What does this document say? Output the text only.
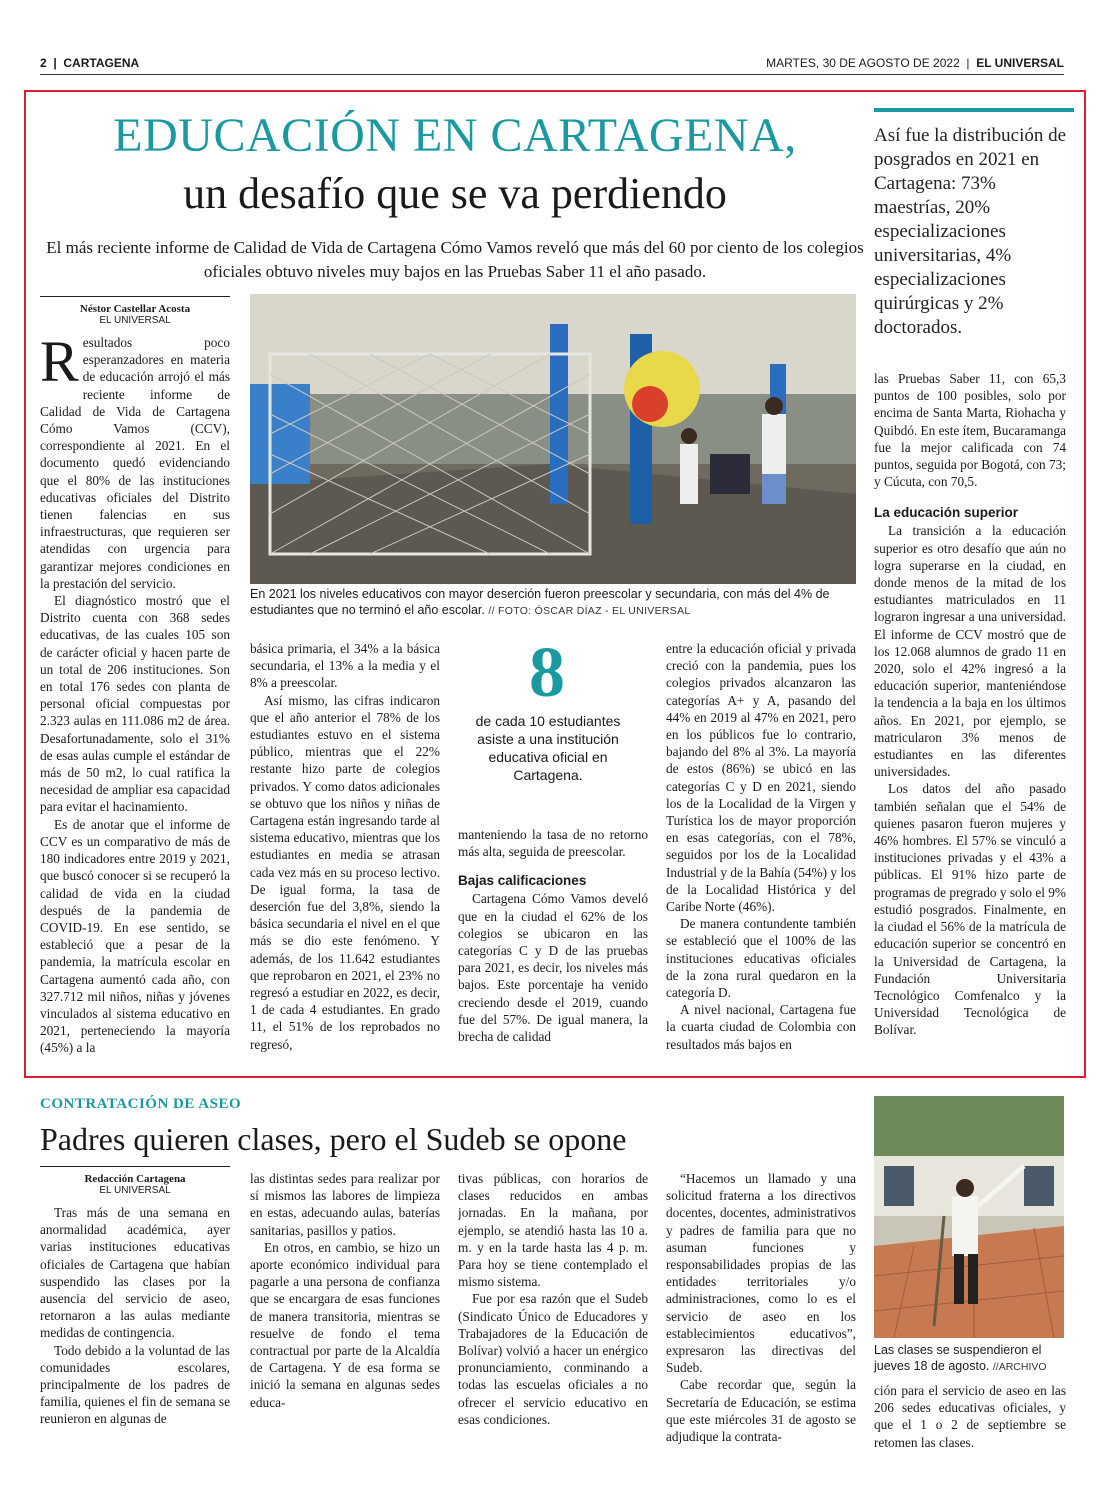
2  |  CARTAGENA	MARTES, 30 DE AGOSTO DE 2022  |  EL UNIVERSAL
EDUCACIÓN EN CARTAGENA,
un desafío que se va perdiendo
El más reciente informe de Calidad de Vida de Cartagena Cómo Vamos reveló que más del 60 por ciento de los colegios oficiales obtuvo niveles muy bajos en las Pruebas Saber 11 el año pasado.
Así fue la distribución de posgrados en 2021 en Cartagena: 73% maestrías, 20% especializaciones universitarias, 4% especializaciones quirúrgicas y 2% doctorados.
Néstor Castellar Acosta
EL UNIVERSAL

Resultados poco esperanzadores en materia de educación arrojó el más reciente informe de Calidad de Vida de Cartagena Cómo Vamos (CCV), correspondiente al 2021. En el documento quedó evidenciando que el 80% de las instituciones educativas oficiales del Distrito tienen falencias en sus infraestructuras, que requieren ser atendidas con urgencia para garantizar mejores condiciones en la prestación del servicio.

El diagnóstico mostró que el Distrito cuenta con 368 sedes educativas, de las cuales 105 son de carácter oficial y hacen parte de un total de 206 instituciones. Son en total 176 sedes con planta de personal oficial compuestas por 2.323 aulas en 111.086 m2 de área. Desafortunadamente, solo el 31% de esas aulas cumple el estándar de más de 50 m2, lo cual ratifica la necesidad de ampliar esa capacidad para evitar el hacinamiento.

Es de anotar que el informe de CCV es un comparativo de más de 180 indicadores entre 2019 y 2021, que buscó conocer si se recuperó la calidad de vida en la ciudad después de la pandemia de COVID-19. En ese sentido, se estableció que a pesar de la pandemia, la matrícula escolar en Cartagena aumentó cada año, con 327.712 mil niños, niñas y jóvenes vinculados al sistema educativo en 2021, perteneciendo la mayoría (45%) a la

En 2021 los niveles educativos con mayor deserción fueron preescolar y secundaria, con más del 4% de estudiantes que no terminó el año escolar. // FOTO: ÓSCAR DÍAZ - EL UNIVERSAL

básica primaria, el 34% a la básica secundaria, el 13% a la media y el 8% a preescolar.

Así mismo, las cifras indicaron que el año anterior el 78% de los estudiantes estuvo en el sistema público, mientras que el 22% restante hizo parte de colegios privados. Y como datos adicionales se obtuvo que los niños y niñas de Cartagena están ingresando tarde al sistema educativo, mientras que los estudiantes en media se atrasan cada vez más en su proceso lectivo. De igual forma, la tasa de deserción fue del 3,8%, siendo la básica secundaria el nivel en el que más se dio este fenómeno. Y además, de los 11.642 estudiantes que reprobaron en 2021, el 23% no regresó a estudiar en 2022, es decir, 1 de cada 4 estudiantes. En grado 11, el 51% de los reprobados no regresó,

8
de cada 10 estudiantes asiste a una institución educativa oficial en Cartagena.

manteniendo la tasa de no retorno más alta, seguida de preescolar.

Bajas calificaciones

Cartagena Cómo Vamos develó que en la ciudad el 62% de los colegios se ubicaron en las categorías C y D de las pruebas para 2021, es decir, los niveles más bajos. Este porcentaje ha venido creciendo desde el 2019, cuando fue del 57%. De igual manera, la brecha de calidad

entre la educación oficial y privada creció con la pandemia, pues los colegios privados alcanzaron las categorías A+ y A, pasando del 44% en 2019 al 47% en 2021, pero en los públicos fue lo contrario, bajando del 8% al 3%. La mayoría de estos (86%) se ubicó en las categorías C y D en 2021, siendo los de la Localidad de la Virgen y Turística los de mayor proporción en esas categorías, con el 78%, seguidos por los de la Localidad Industrial y de la Bahía (54%) y los de la Localidad Histórica y del Caribe Norte (46%).

De manera contundente también se estableció que el 100% de las instituciones educativas oficiales de la zona rural quedaron en la categoría D.

A nivel nacional, Cartagena fue la cuarta ciudad de Colombia con resultados más bajos en

las Pruebas Saber 11, con 65,3 puntos de 100 posibles, solo por encima de Santa Marta, Riohacha y Quibdó. En este ítem, Bucaramanga fue la mejor calificada con 74 puntos, seguida por Bogotá, con 73; y Cúcuta, con 70,5.

La educación superior

La transición a la educación superior es otro desafío que aún no logra superarse en la ciudad, en donde menos de la mitad de los estudiantes matriculados en 11 lograron ingresar a una universidad. El informe de CCV mostró que de los 12.068 alumnos de grado 11 en 2020, solo el 42% ingresó a la educación superior, manteniéndose la tendencia a la baja en los últimos años. En 2021, por ejemplo, se matricularon 3% menos de estudiantes en las diferentes universidades.

Los datos del año pasado también señalan que el 54% de quienes pasaron fueron mujeres y 46% hombres. El 57% se vinculó a instituciones privadas y el 43% a públicas. El 91% hizo parte de programas de pregrado y solo el 9% estudió posgrados. Finalmente, en la ciudad el 56% de la matrícula de educación superior se concentró en la Universidad de Cartagena, la Fundación Universitaria Tecnológico Comfenalco y la Universidad Tecnológica de Bolívar.

CONTRATACIÓN DE ASEO
Padres quieren clases, pero el Sudeb se opone
Redacción Cartagena
EL UNIVERSAL

Tras más de una semana en anormalidad académica, ayer varias instituciones educativas oficiales de Cartagena que habían suspendido las clases por la ausencia del servicio de aseo, retornaron a las aulas mediante medidas de contingencia.

Todo debido a la voluntad de las comunidades escolares, principalmente de los padres de familia, quienes el fin de semana se reunieron en algunas de

las distintas sedes para realizar por sí mismos las labores de limpieza en estas, adecuando aulas, baterías sanitarias, pasillos y patios.

En otros, en cambio, se hizo un aporte económico individual para pagarle a una persona de confianza que se encargara de esas funciones de manera transitoria, mientras se resuelve de fondo el tema contractual por parte de la Alcaldía de Cartagena. Y de esa forma se inició la semana en algunas sedes educa-

tivas públicas, con horarios de clases reducidos en ambas jornadas. En la mañana, por ejemplo, se atendió hasta las 10 a. m. y en la tarde hasta las 4 p. m. Para hoy se tiene contemplado el mismo sistema.

Fue por esa razón que el Sudeb (Sindicato Único de Educadores y Trabajadores de la Educación de Bolívar) volvió a hacer un enérgico pronunciamiento, conminando a todas las escuelas oficiales a no ofrecer el servicio educativo en esas condiciones.

“Hacemos un llamado y una solicitud fraterna a los directivos docentes, docentes, administrativos y padres de familia para que no asuman funciones y responsabilidades propias de las entidades territoriales y/o administraciones, como lo es el servicio de aseo en los establecimientos educativos”, expresaron las directivas del Sudeb.

Cabe recordar que, según la Secretaría de Educación, se estima que este miércoles 31 de agosto se adjudique la contrata-

Las clases se suspendieron el jueves 18 de agosto. //ARCHIVO

ción para el servicio de aseo en las 206 sedes educativas oficiales, y que el 1 o 2 de septiembre se retomen las clases.
